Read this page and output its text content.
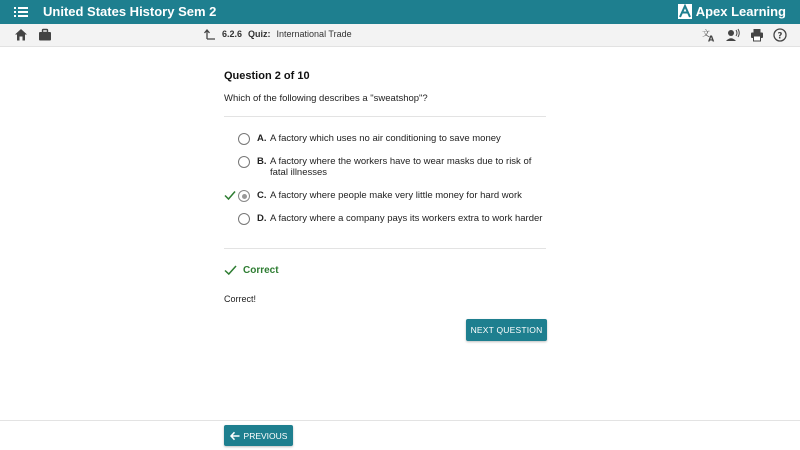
United States History Sem 2	Apex Learning
6.2.6 Quiz: International Trade	文
A	?
Question 2 of 10
Which of the following describes a "sweatshop"?
A. A factory which uses no air conditioning to save money
B. A factory where the workers have to wear masks due to risk of fatal illnesses
C. A factory where people make very little money for hard work
D. A factory where a company pays its workers extra to work harder
Correct
Correct!
NEXT QUESTION
PREVIOUS
